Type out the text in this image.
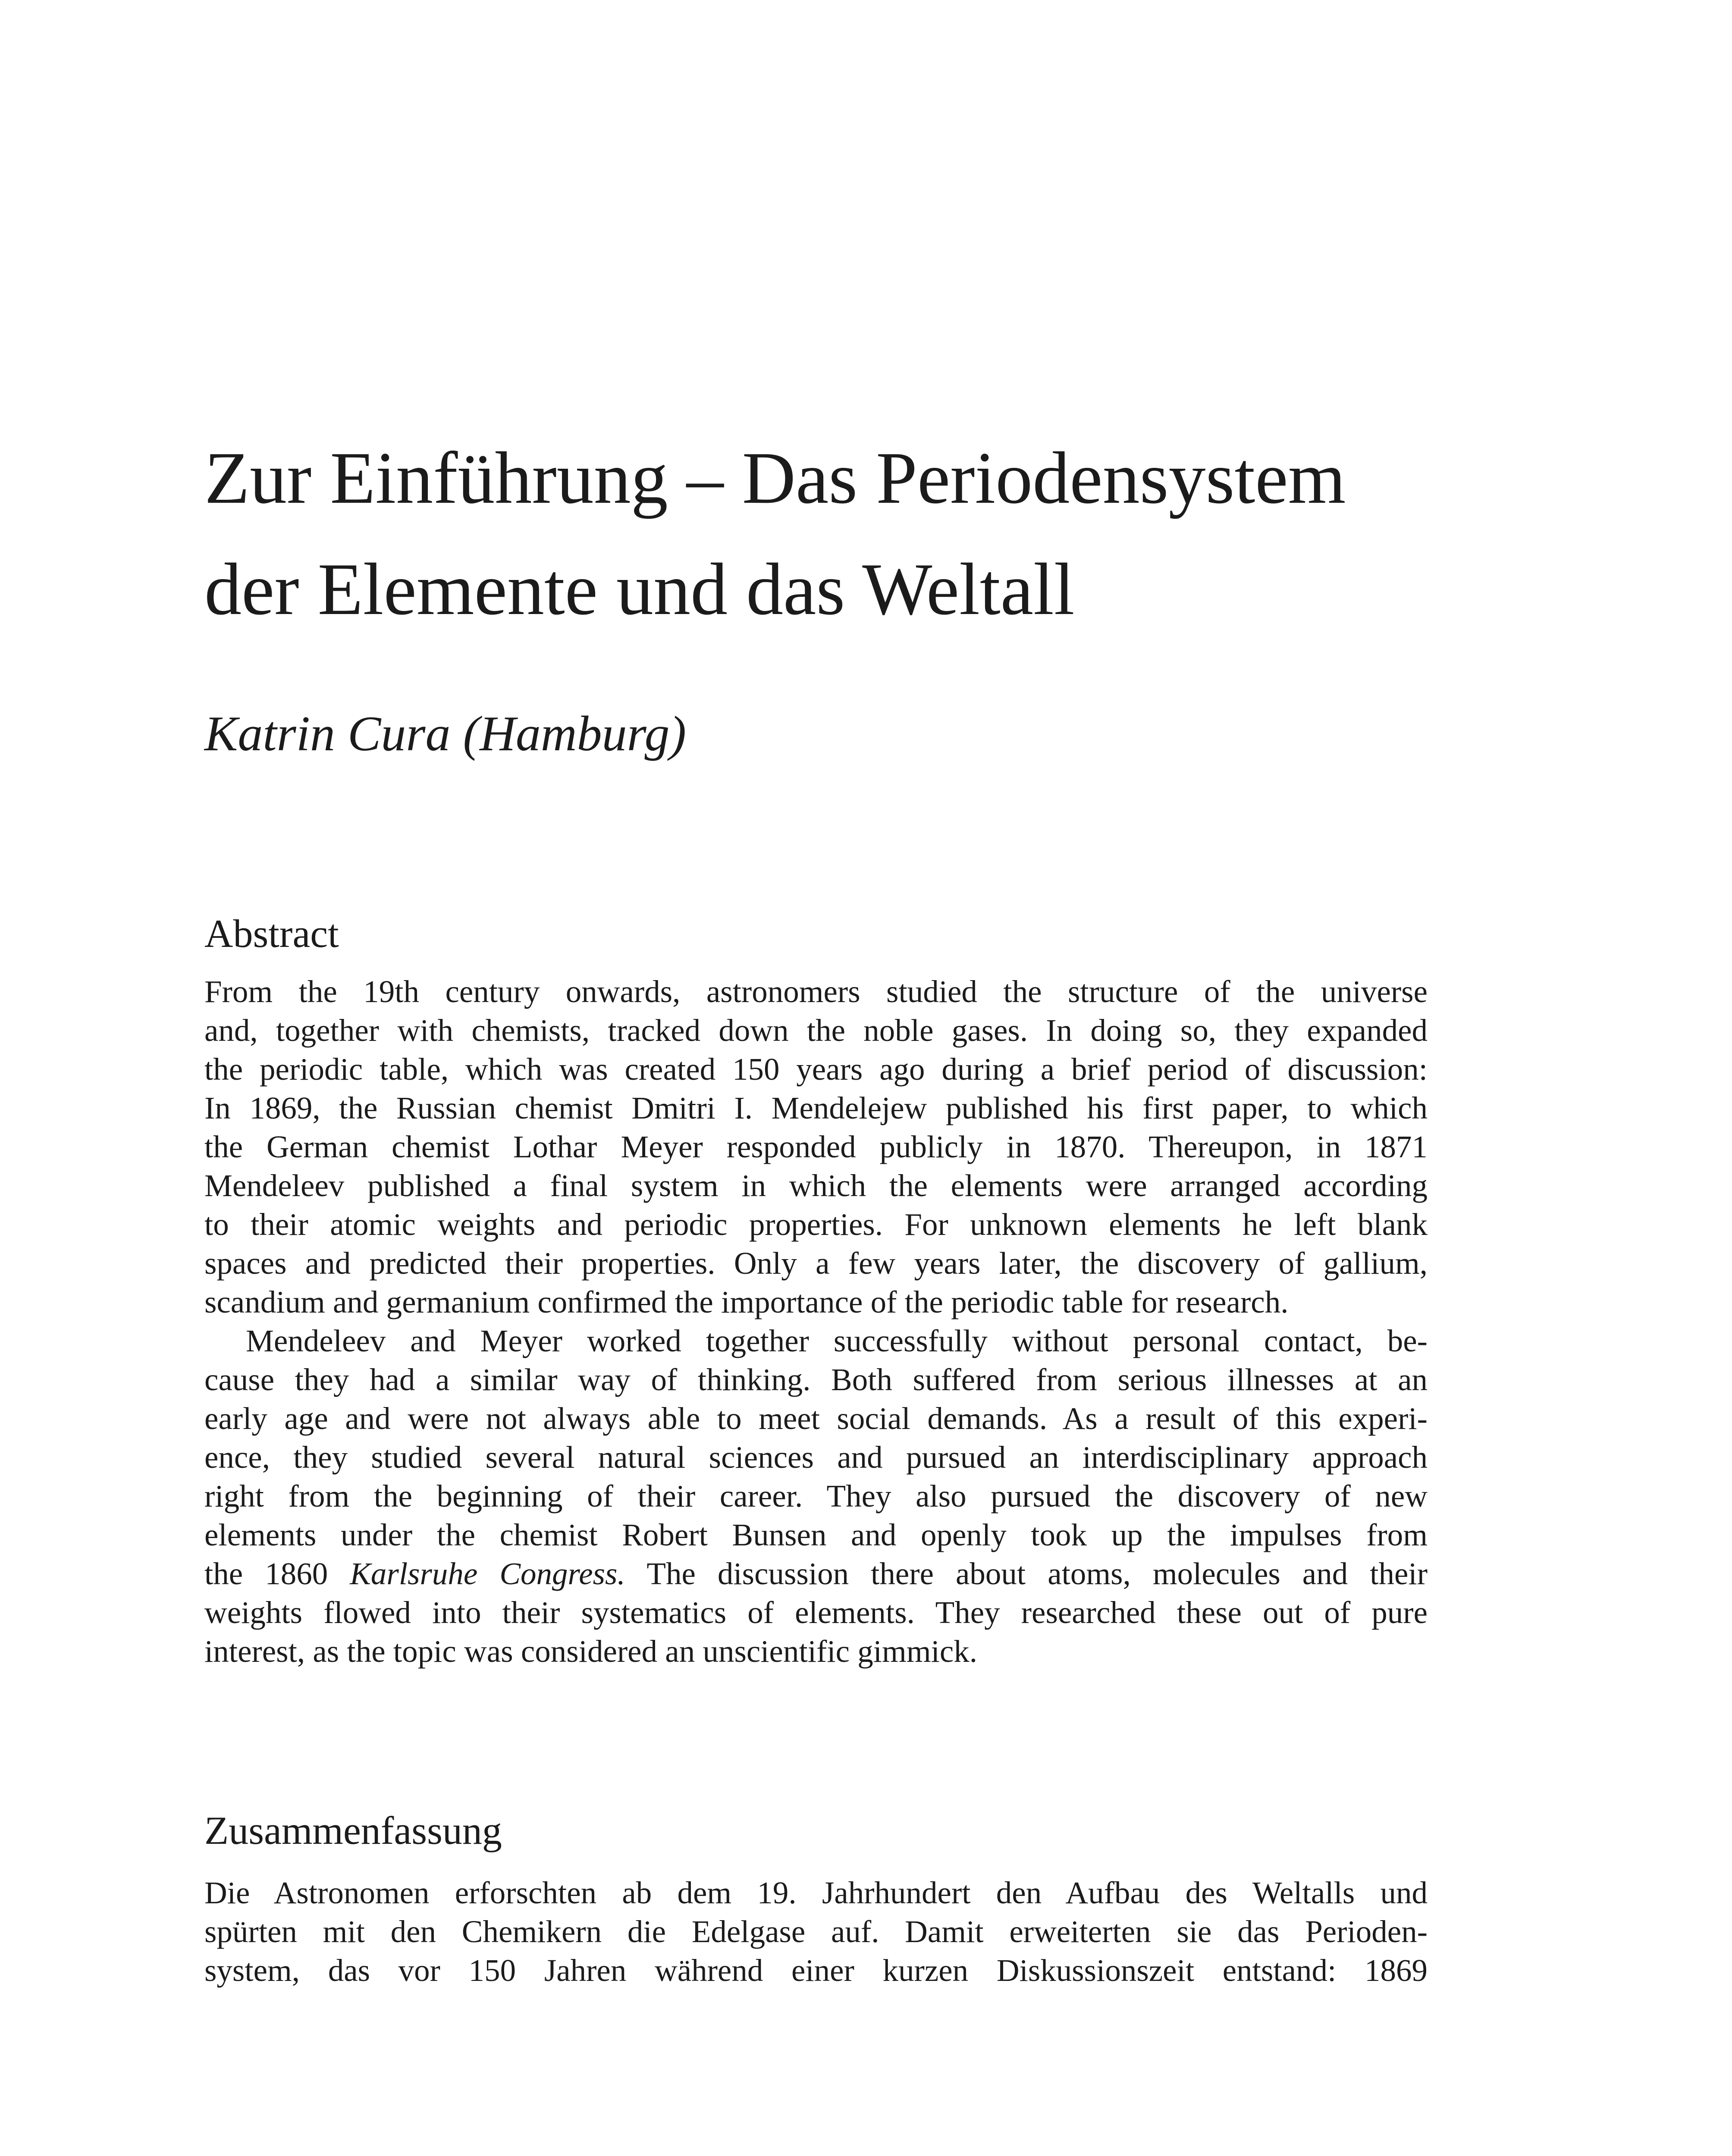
Zur Einführung – Das Periodensystem
der Elemente und das Weltall

Katrin Cura (Hamburg)

Abstract
From the 19th century onwards, astronomers studied the structure of the universe
and, together with chemists, tracked down the noble gases. In doing so, they expanded
the periodic table, which was created 150 years ago during a brief period of discussion:
In 1869, the Russian chemist Dmitri I. Mendelejew published his first paper, to which
the German chemist Lothar Meyer responded publicly in 1870. Thereupon, in 1871
Mendeleev published a final system in which the elements were arranged according
to their atomic weights and periodic properties. For unknown elements he left blank
spaces and predicted their properties. Only a few years later, the discovery of gallium,
scandium and germanium confirmed the importance of the periodic table for research.
Mendeleev and Meyer worked together successfully without personal contact, be-
cause they had a similar way of thinking. Both suffered from serious illnesses at an
early age and were not always able to meet social demands. As a result of this experi-
ence, they studied several natural sciences and pursued an interdisciplinary approach
right from the beginning of their career. They also pursued the discovery of new
elements under the chemist Robert Bunsen and openly took up the impulses from
the 1860 Karlsruhe Congress. The discussion there about atoms, molecules and their
weights flowed into their systematics of elements. They researched these out of pure
interest, as the topic was considered an unscientific gimmick.
Zusammenfassung
Die Astronomen erforschten ab dem 19. Jahrhundert den Aufbau des Weltalls und
spürten mit den Chemikern die Edelgase auf. Damit erweiterten sie das Perioden-
system, das vor 150 Jahren während einer kurzen Diskussionszeit entstand: 1869
